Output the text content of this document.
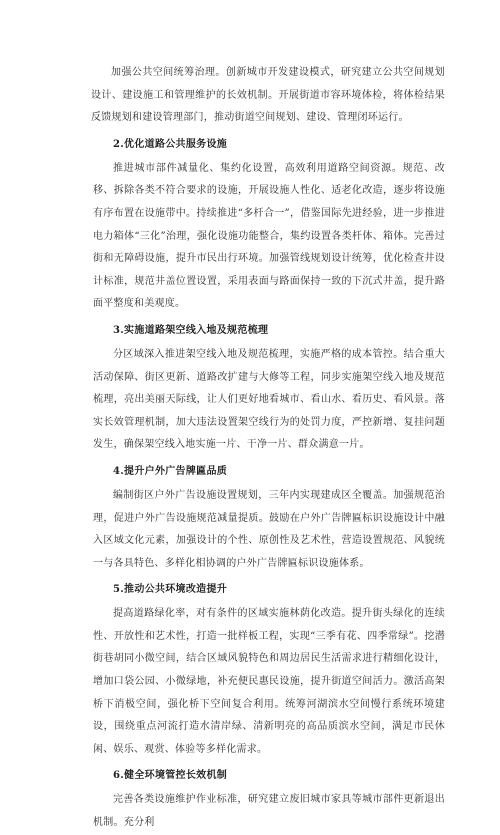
加强公共空间统筹治理。创新城市开发建设模式，研究建立公共空间规划设计、建设施工和管理维护的长效机制。开展街道市容环境体检，将体检结果反馈规划和建设管理部门，推动街道空间规划、建设、管理闭环运行。

2.优化道路公共服务设施

推进城市部件减量化、集约化设置，高效利用道路空间资源。规范、改移、拆除各类不符合要求的设施，开展设施人性化、适老化改造，逐步将设施有序布置在设施带中。持续推进“多杆合一”，借鉴国际先进经验，进一步推进电力箱体“三化”治理，强化设施功能整合，集约设置各类杆体、箱体。完善过街和无障碍设施，提升市民出行环境。加强管线规划设计统筹，优化检查井设计标准，规范井盖位置设置，采用表面与路面保持一致的下沉式井盖，提升路面平整度和美观度。

3.实施道路架空线入地及规范梳理

分区域深入推进架空线入地及规范梳理，实施严格的成本管控。结合重大活动保障、街区更新、道路改扩建与大修等工程，同步实施架空线入地及规范梳理，亮出美丽天际线，让人们更好地看城市、看山水、看历史、看风景。落实长效管理机制，加大违法设置架空线行为的处罚力度，严控新增、复挂问题发生，确保架空线入地实施一片、干净一片、群众满意一片。

4.提升户外广告牌匾品质

编制街区户外广告设施设置规划，三年内实现建成区全覆盖。加强规范治理，促进户外广告设施规范减量提质。鼓励在户外广告牌匾标识设施设计中融入区域文化元素，加强设计的个性、原创性及艺术性，营造设置规范、风貌统一与各具特色、多样化相协调的户外广告牌匾标识设施体系。

5.推动公共环境改造提升

提高道路绿化率，对有条件的区域实施林荫化改造。提升街头绿化的连续性、开放性和艺术性，打造一批样板工程，实现“三季有花、四季常绿”。挖潜街巷胡同小微空间，结合区域风貌特色和周边居民生活需求进行精细化设计，增加口袋公园、小微绿地，补充便民惠民设施，提升街道空间活力。激活高架桥下消极空间，强化桥下空间复合利用。统筹河湖滨水空间慢行系统环境建设，围绕重点河流打造水清岸绿、清新明亮的高品质滨水空间，满足市民休闲、娱乐、观赏、体验等多样化需求。

6.健全环境管控长效机制

完善各类设施维护作业标准，研究建立废旧城市家具等城市部件更新退出机制。充分利
